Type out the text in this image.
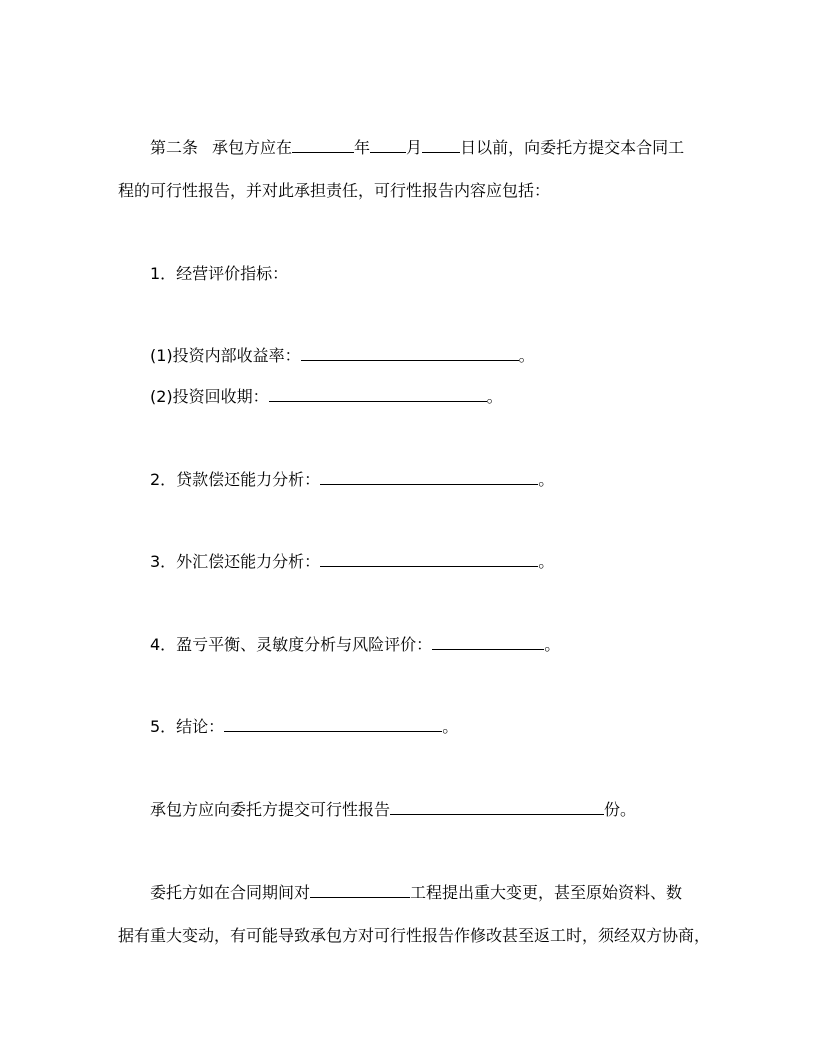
第二条 承包方应在	年 月 日以前，向委托方提交本合同工
程的可行性报告，并对此承担责任，可行性报告内容应包括：
1．经营评价指标：
(1)投资内部收益率：	。
(2)投资回收期：	。
2．贷款偿还能力分析：	。
3．外汇偿还能力分析：	。
4．盈亏平衡、灵敏度分析与风险评价：	。
5．结论：	。
承包方应向委托方提交可行性报告	份。
委托方如在合同期间对	工程提出重大变更，甚至原始资料、数
据有重大变动，有可能导致承包方对可行性报告作修改甚至返工时，须经双方协商，
